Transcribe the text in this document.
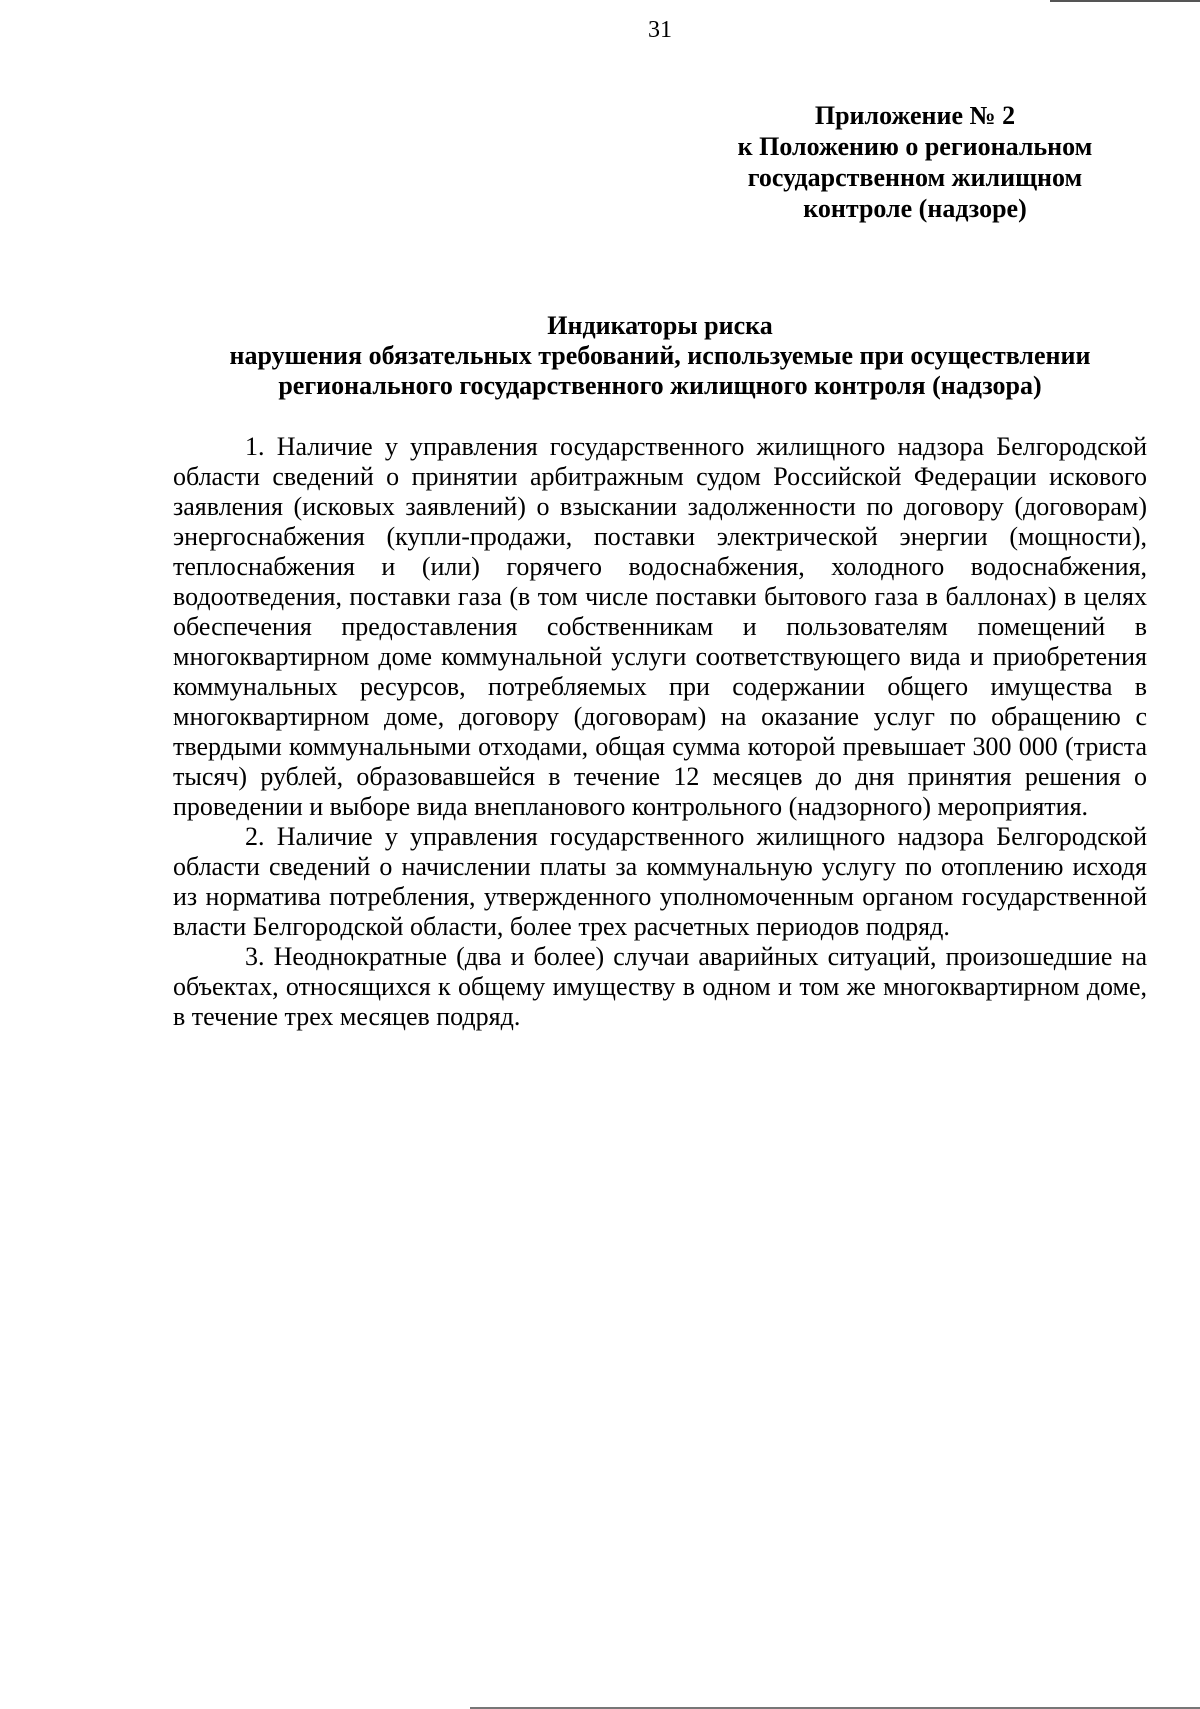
31
Приложение № 2
к Положению о региональном
государственном жилищном
контроле (надзоре)
Индикаторы риска
нарушения обязательных требований, используемые при осуществлении
регионального государственного жилищного контроля (надзора)

1. Наличие у управления государственного жилищного надзора Белгородской области сведений о принятии арбитражным судом Российской Федерации искового заявления (исковых заявлений) о взыскании задолженности по договору (договорам) энергоснабжения (купли-продажи, поставки электрической энергии (мощности), теплоснабжения и (или) горячего водоснабжения, холодного водоснабжения, водоотведения, поставки газа (в том числе поставки бытового газа в баллонах) в целях обеспечения предоставления собственникам и пользователям помещений в многоквартирном доме коммунальной услуги соответствующего вида и приобретения коммунальных ресурсов, потребляемых при содержании общего имущества в многоквартирном доме, договору (договорам) на оказание услуг по обращению с твердыми коммунальными отходами, общая сумма которой превышает 300 000 (триста тысяч) рублей, образовавшейся в течение 12 месяцев до дня принятия решения о проведении и выборе вида внепланового контрольного (надзорного) мероприятия.

2. Наличие у управления государственного жилищного надзора Белгородской области сведений о начислении платы за коммунальную услугу по отоплению исходя из норматива потребления, утвержденного уполномоченным органом государственной власти Белгородской области, более трех расчетных периодов подряд.

3. Неоднократные (два и более) случаи аварийных ситуаций, произошедшие на объектах, относящихся к общему имуществу в одном и том же многоквартирном доме, в течение трех месяцев подряд.
